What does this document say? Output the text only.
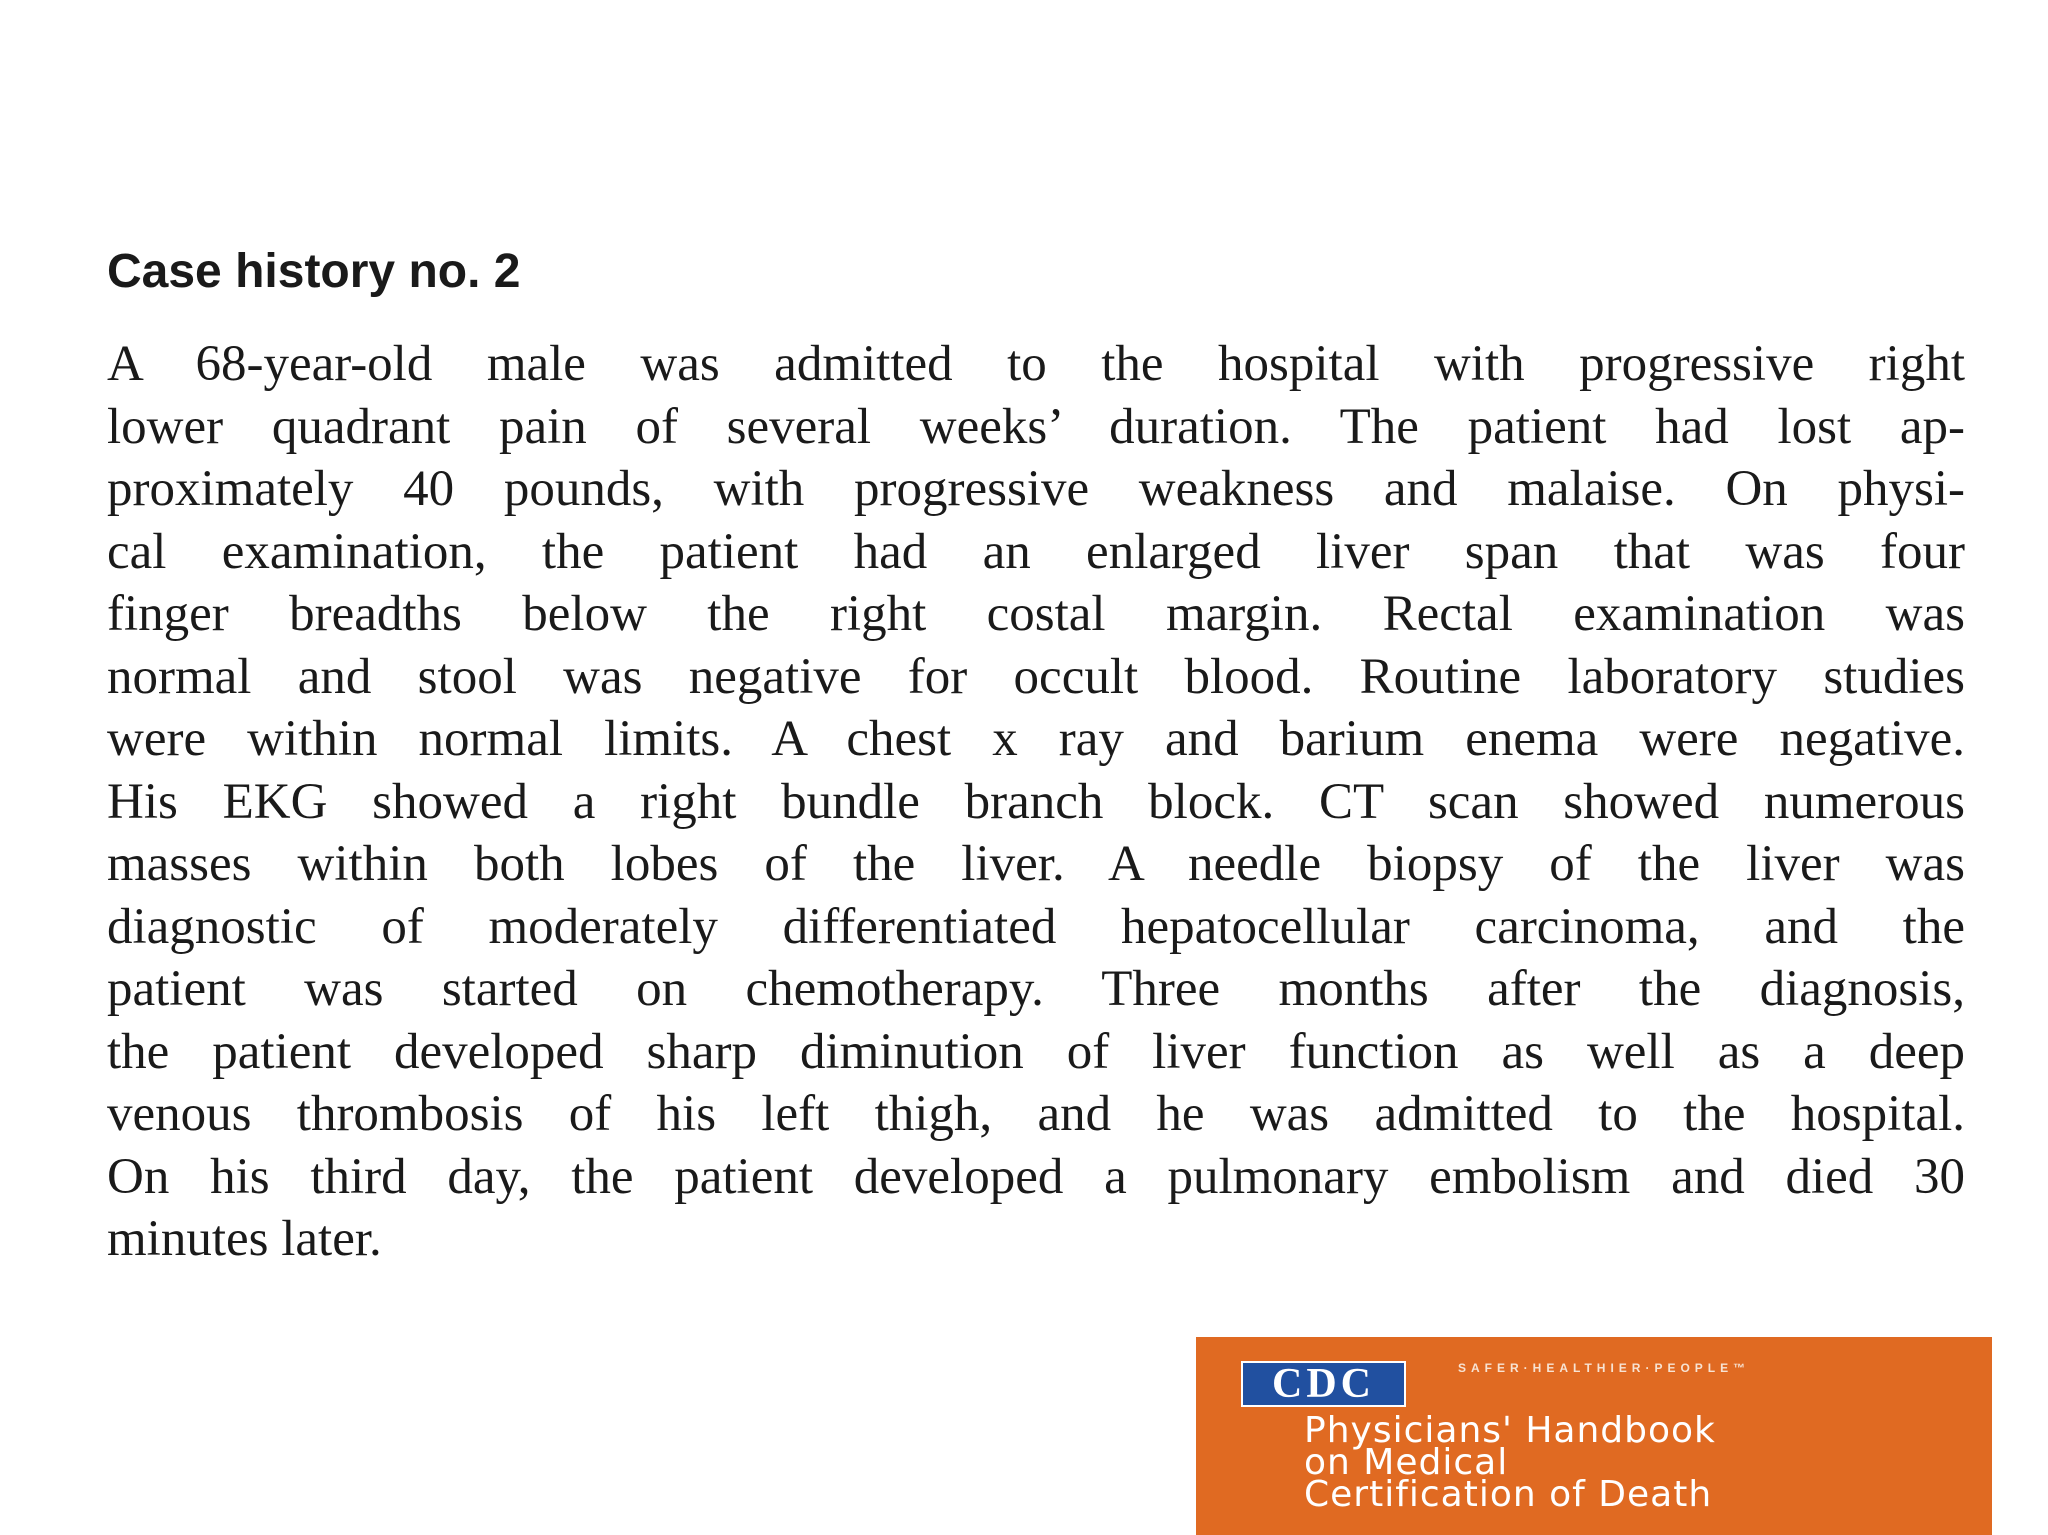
Case history no. 2
A 68-year-old male was admitted to the hospital with progressive right
lower quadrant pain of several weeks’ duration. The patient had lost ap-
proximately 40 pounds, with progressive weakness and malaise. On physi-
cal examination, the patient had an enlarged liver span that was four
finger breadths below the right costal margin. Rectal examination was
normal and stool was negative for occult blood. Routine laboratory studies
were within normal limits. A chest x ray and barium enema were negative.
His EKG showed a right bundle branch block. CT scan showed numerous
masses within both lobes of the liver. A needle biopsy of the liver was
diagnostic of moderately differentiated hepatocellular carcinoma, and the
patient was started on chemotherapy. Three months after the diagnosis,
the patient developed sharp diminution of liver function as well as a deep
venous thrombosis of his left thigh, and he was admitted to the hospital.
On his third day, the patient developed a pulmonary embolism and died 30
minutes later.
CDC	SAFER·HEALTHIER·PEOPLE™
Physicians' Handbook
on Medical
Certification of Death
